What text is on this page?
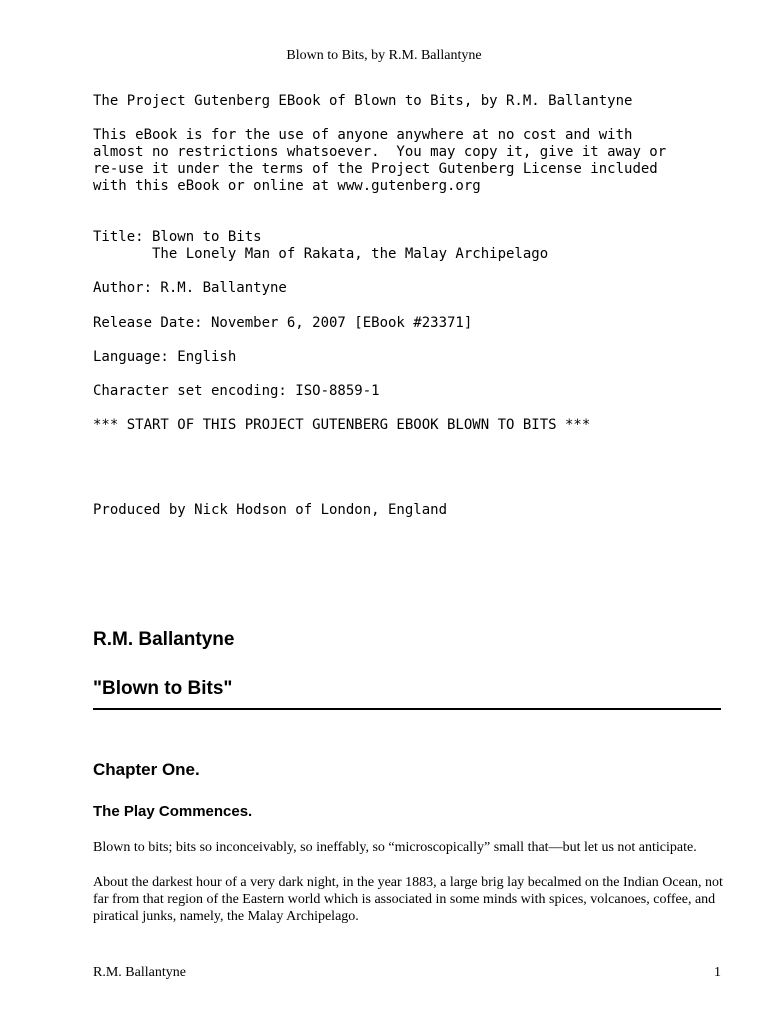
Blown to Bits, by R.M. Ballantyne
The Project Gutenberg EBook of Blown to Bits, by R.M. Ballantyne
This eBook is for the use of anyone anywhere at no cost and with
almost no restrictions whatsoever.  You may copy it, give it away or
re-use it under the terms of the Project Gutenberg License included
with this eBook or online at www.gutenberg.org
Title: Blown to Bits
The Lonely Man of Rakata, the Malay Archipelago
Author: R.M. Ballantyne
Release Date: November 6, 2007 [EBook #23371]
Language: English
Character set encoding: ISO-8859-1
*** START OF THIS PROJECT GUTENBERG EBOOK BLOWN TO BITS ***
Produced by Nick Hodson of London, England
R.M. Ballantyne
"Blown to Bits"
Chapter One.
The Play Commences.
Blown to bits; bits so inconceivably, so ineffably, so “microscopically” small that—but let us not anticipate.
About the darkest hour of a very dark night, in the year 1883, a large brig lay becalmed on the Indian Ocean, not far from that region of the Eastern world which is associated in some minds with spices, volcanoes, coffee, and piratical junks, namely, the Malay Archipelago.
R.M. Ballantyne	1
